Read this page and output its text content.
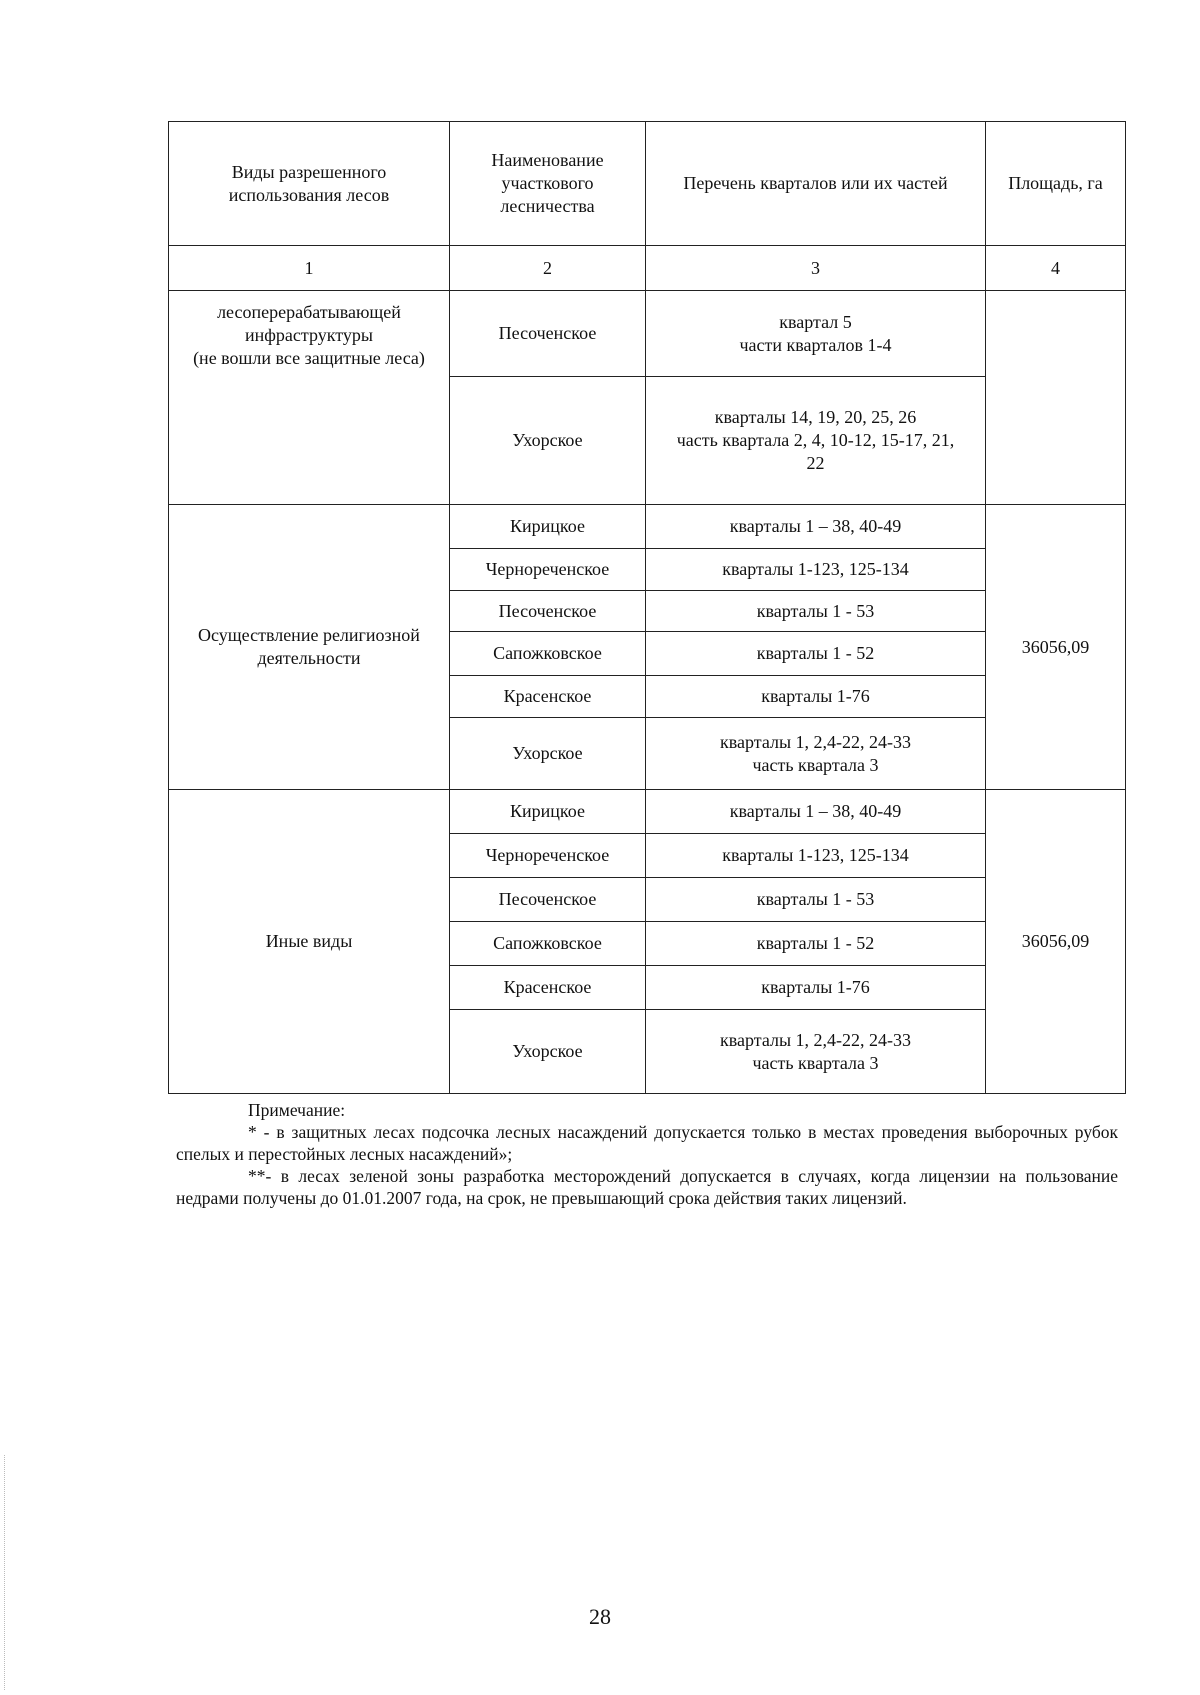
Виды разрешенного
использования лесов	Наименование
участкового
лесничества	Перечень кварталов или их частей	Площадь, га
1	2	3	4

лесоперерабатывающей
инфраструктуры
(не вошли все защитные леса)	Песоченское	квартал 5
части кварталов 1-4	

	Ухорское	кварталы 14, 19, 20, 25, 26
часть квартала 2, 4, 10-12, 15-17, 21,
22	

Осуществление религиозной
деятельности	Кирицкое	кварталы 1 – 38, 40-49	36056,09
	Чернореченское	кварталы 1-123, 125-134	

	Песоченское	кварталы 1 - 53	

	Сапожковское	кварталы 1 - 52	

	Красенское	кварталы 1-76	

	Ухорское	кварталы 1, 2,4-22, 24-33
часть квартала 3	

Иные виды	Кирицкое	кварталы 1 – 38, 40-49	36056,09
	Чернореченское	кварталы 1-123, 125-134	

	Песоченское	кварталы 1 - 53	

	Сапожковское	кварталы 1 - 52	

	Красенское	кварталы 1-76	

	Ухорское	кварталы 1, 2,4-22, 24-33
часть квартала 3	

Примечание:

* - в защитных лесах подсочка лесных насаждений допускается только в местах проведения выборочных рубок спелых и перестойных лесных насаждений»;

**- в лесах зеленой зоны разработка месторождений допускается в случаях, когда лицензии на пользование недрами получены до 01.01.2007 года, на срок, не превышающий срока действия таких лицензий.

28
